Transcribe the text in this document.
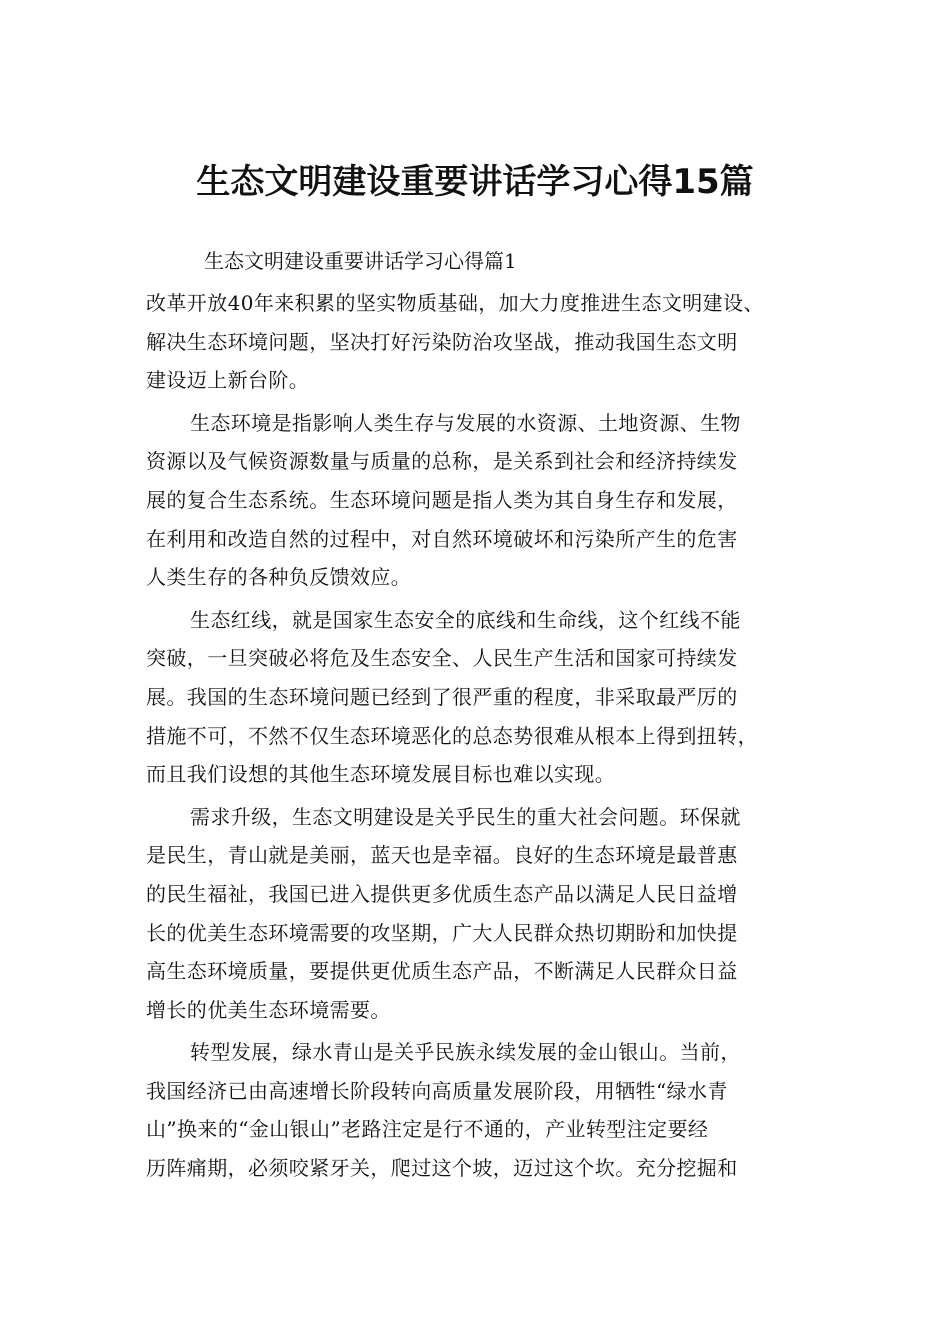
生态文明建设重要讲话学习心得15篇

生态文明建设重要讲话学习心得篇1

改革开放40年来积累的坚实物质基础，加大力度推进生态文明建设、
解决生态环境问题，坚决打好污染防治攻坚战，推动我国生态文明
建设迈上新台阶。
生态环境是指影响人类生存与发展的水资源、土地资源、生物
资源以及气候资源数量与质量的总称，是关系到社会和经济持续发
展的复合生态系统。生态环境问题是指人类为其自身生存和发展，
在利用和改造自然的过程中，对自然环境破坏和污染所产生的危害
人类生存的各种负反馈效应。
生态红线，就是国家生态安全的底线和生命线，这个红线不能
突破，一旦突破必将危及生态安全、人民生产生活和国家可持续发
展。我国的生态环境问题已经到了很严重的程度，非采取最严厉的
措施不可，不然不仅生态环境恶化的总态势很难从根本上得到扭转，
而且我们设想的其他生态环境发展目标也难以实现。
需求升级，生态文明建设是关乎民生的重大社会问题。环保就
是民生，青山就是美丽，蓝天也是幸福。良好的生态环境是最普惠
的民生福祉，我国已进入提供更多优质生态产品以满足人民日益增
长的优美生态环境需要的攻坚期，广大人民群众热切期盼和加快提
高生态环境质量，要提供更优质生态产品，不断满足人民群众日益
增长的优美生态环境需要。
转型发展，绿水青山是关乎民族永续发展的金山银山。当前，
我国经济已由高速增长阶段转向高质量发展阶段，用牺牲“绿水青
山”换来的“金山银山”老路注定是行不通的，产业转型注定要经
历阵痛期，必须咬紧牙关，爬过这个坡，迈过这个坎。充分挖掘和
